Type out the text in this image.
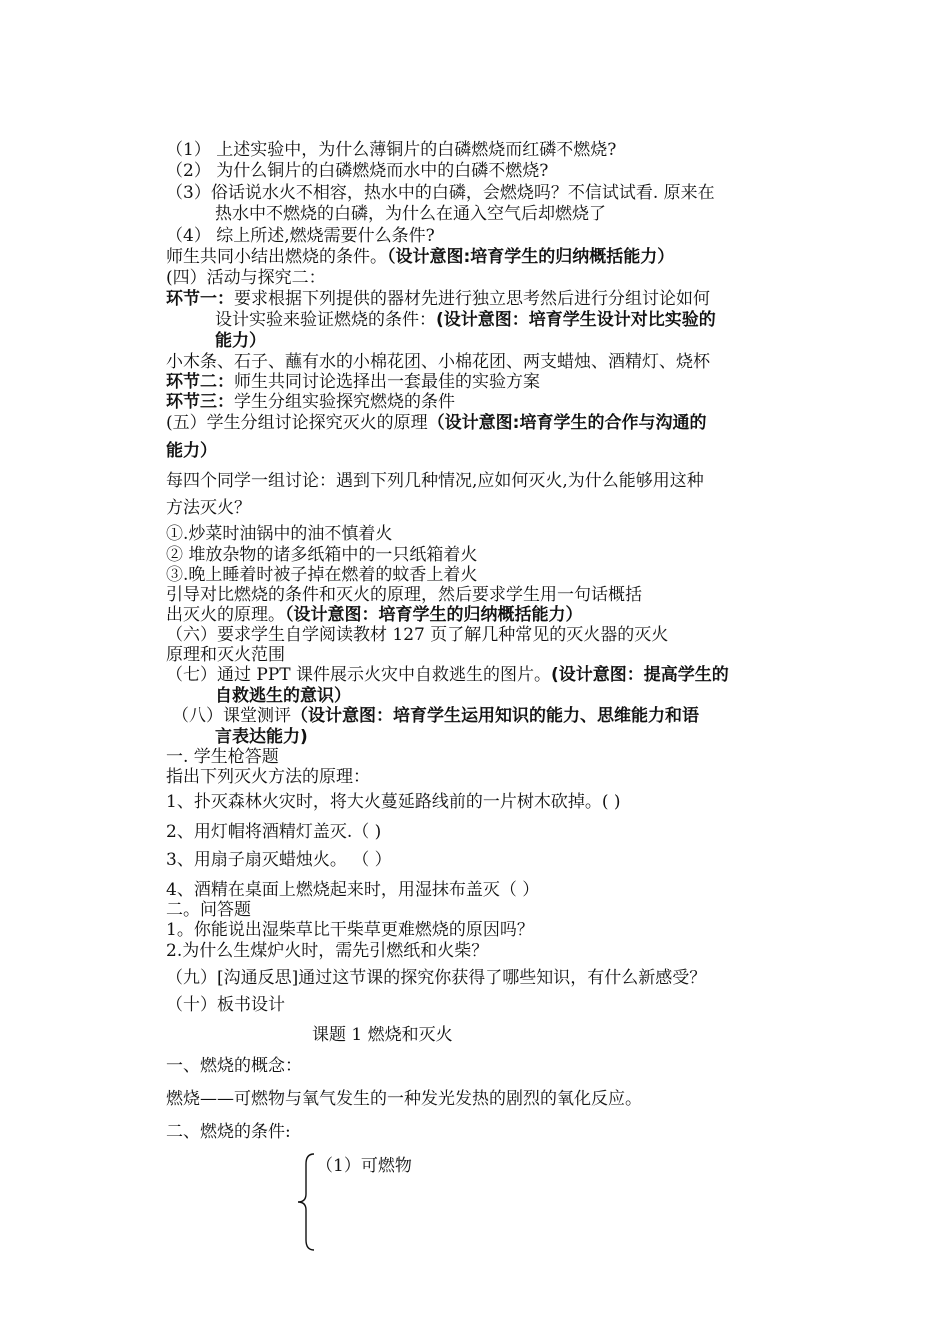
（1） 上述实验中，为什么薄铜片的白磷燃烧而红磷不燃烧?
（2） 为什么铜片的白磷燃烧而水中的白磷不燃烧?
（3）俗话说水火不相容，热水中的白磷，会燃烧吗？不信试试看. 原来在
热水中不燃烧的白磷，为什么在通入空气后却燃烧了
（4） 综上所述,燃烧需要什么条件?
师生共同小结出燃烧的条件。（设计意图:培育学生的归纳概括能力）
(四）活动与探究二：
环节一：要求根据下列提供的器材先进行独立思考然后进行分组讨论如何
设计实验来验证燃烧的条件：(设计意图：培育学生设计对比实验的
能力）
小木条、石子、蘸有水的小棉花团、小棉花团、两支蜡烛、酒精灯、烧杯
环节二：师生共同讨论选择出一套最佳的实验方案
环节三：学生分组实验探究燃烧的条件
(五）学生分组讨论探究灭火的原理（设计意图:培育学生的合作与沟通的
能力）
每四个同学一组讨论：遇到下列几种情况,应如何灭火,为什么能够用这种
方法灭火？
①.炒菜时油锅中的油不慎着火
② 堆放杂物的诸多纸箱中的一只纸箱着火
③.晚上睡着时被子掉在燃着的蚊香上着火
引导对比燃烧的条件和灭火的原理，然后要求学生用一句话概括
出灭火的原理。（设计意图：培育学生的归纳概括能力）
（六）要求学生自学阅读教材 127 页了解几种常见的灭火器的灭火
原理和灭火范围
（七）通过 PPT 课件展示火灾中自救逃生的图片。(设计意图：提高学生的
自救逃生的意识）
（八）课堂测评（设计意图：培育学生运用知识的能力、思维能力和语
言表达能力)
一. 学生枪答题
指出下列灭火方法的原理：
1、扑灭森林火灾时，将大火蔓延路线前的一片树木砍掉。( )
2、用灯帽将酒精灯盖灭.（ )
3、用扇子扇灭蜡烛火。 （ ）
4、酒精在桌面上燃烧起来时，用湿抹布盖灭（ ）
二。问答题
1。你能说出湿柴草比干柴草更难燃烧的原因吗？
2.为什么生煤炉火时，需先引燃纸和火柴？
（九）[沟通反思]通过这节课的探究你获得了哪些知识，有什么新感受？
（十）板书设计
课题 1 燃烧和灭火
一、燃烧的概念：
燃烧——可燃物与氧气发生的一种发光发热的剧烈的氧化反应。
二、燃烧的条件:
（1）可燃物
